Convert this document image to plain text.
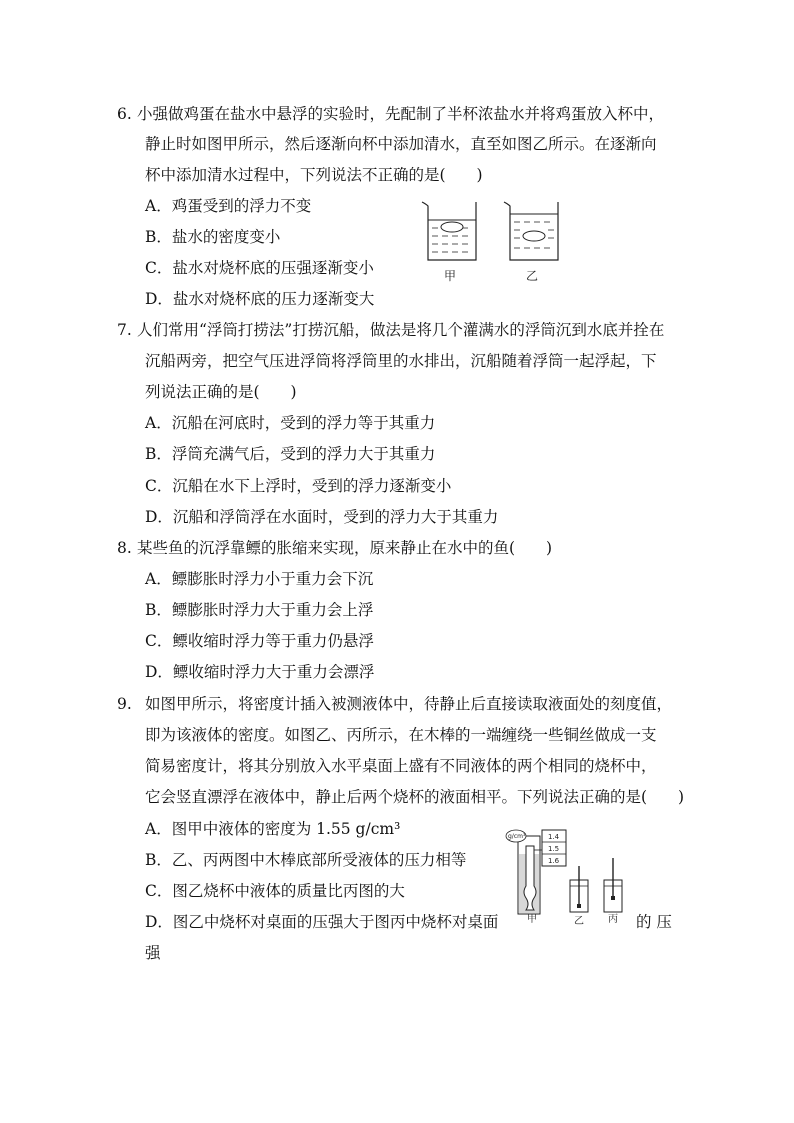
6. 小强做鸡蛋在盐水中悬浮的实验时，先配制了半杯浓盐水并将鸡蛋放入杯中，
静止时如图甲所示，然后逐渐向杯中添加清水，直至如图乙所示。在逐渐向
杯中添加清水过程中，下列说法不正确的是(　　)
A．鸡蛋受到的浮力不变
B．盐水的密度变小
C．盐水对烧杯底的压强逐渐变小
D．盐水对烧杯底的压力逐渐变大
甲	乙
7. 人们常用“浮筒打捞法”打捞沉船，做法是将几个灌满水的浮筒沉到水底并拴在
沉船两旁，把空气压进浮筒将浮筒里的水排出，沉船随着浮筒一起浮起，下
列说法正确的是(　　)
A．沉船在河底时，受到的浮力等于其重力
B．浮筒充满气后，受到的浮力大于其重力
C．沉船在水下上浮时，受到的浮力逐渐变小
D．沉船和浮筒浮在水面时，受到的浮力大于其重力
8. 某些鱼的沉浮靠鳔的胀缩来实现，原来静止在水中的鱼(　　)
A．鳔膨胀时浮力小于重力会下沉
B．鳔膨胀时浮力大于重力会上浮
C．鳔收缩时浮力等于重力仍悬浮
D．鳔收缩时浮力大于重力会漂浮
9. 如图甲所示，将密度计插入被测液体中，待静止后直接读取液面处的刻度值，
即为该液体的密度。如图乙、丙所示，在木棒的一端缠绕一些铜丝做成一支
简易密度计，将其分别放入水平桌面上盛有不同液体的两个相同的烧杯中，
它会竖直漂浮在液体中，静止后两个烧杯的液面相平。下列说法正确的是(　　)
A．图甲中液体的密度为 1.55 g/cm³
B．乙、丙两图中木棒底部所受液体的压力相等
C．图乙烧杯中液体的质量比丙图的大
D．图乙中烧杯对桌面的压强大于图丙中烧杯对桌面	的 压
强
g/cm³	1.4
1.5
1.6
甲	乙 丙
